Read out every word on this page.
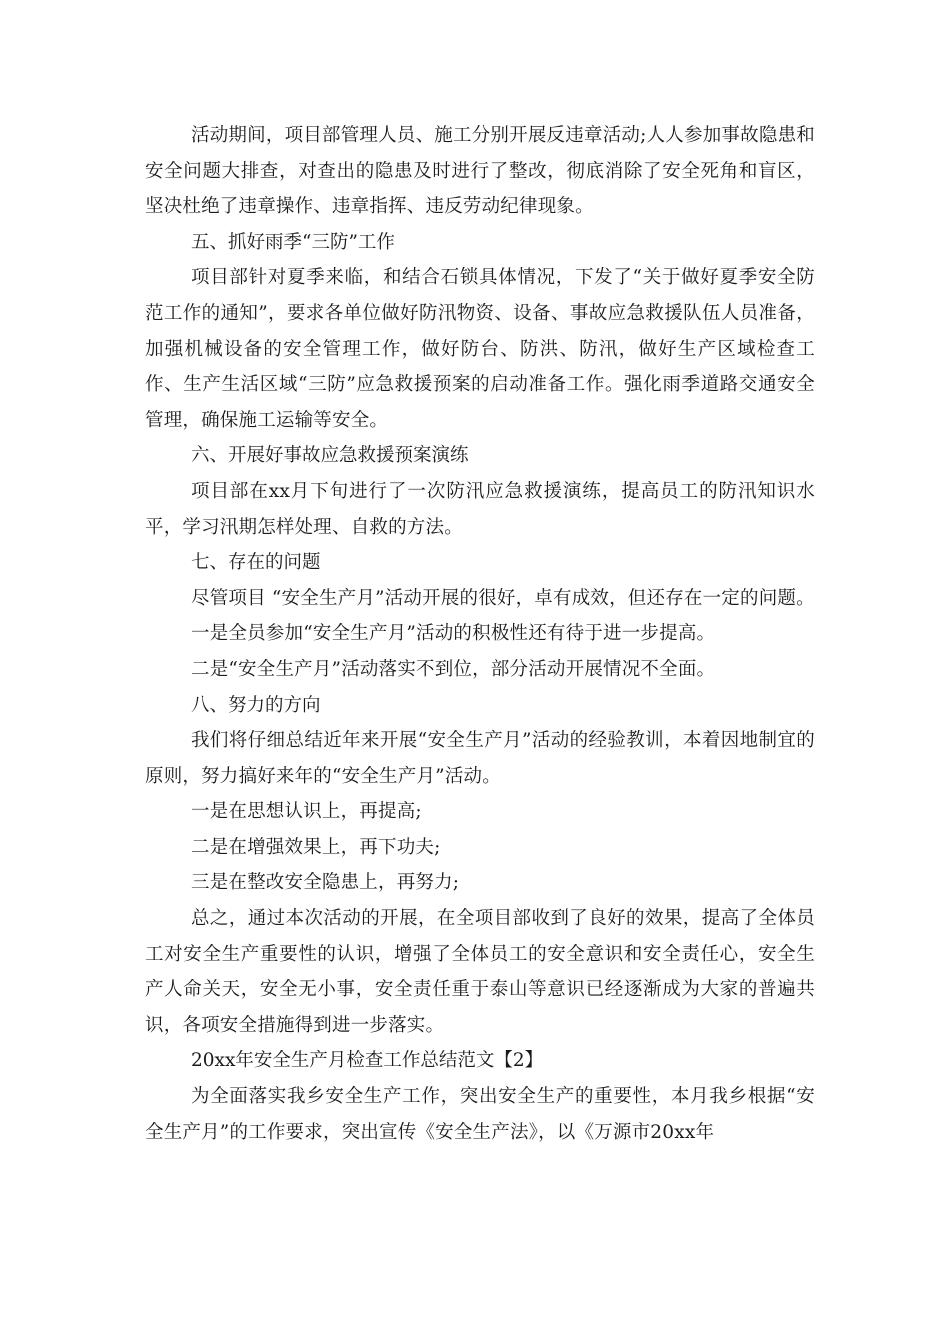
活动期间，项目部管理人员、施工分别开展反违章活动;人人参加事故隐患和安全问题大排查，对查出的隐患及时进行了整改，彻底消除了安全死角和盲区，坚决杜绝了违章操作、违章指挥、违反劳动纪律现象。

五、抓好雨季“三防”工作

项目部针对夏季来临，和结合石锁具体情况，下发了“关于做好夏季安全防范工作的通知”，要求各单位做好防汛物资、设备、事故应急救援队伍人员准备，加强机械设备的安全管理工作，做好防台、防洪、防汛，做好生产区域检查工作、生产生活区域“三防”应急救援预案的启动准备工作。强化雨季道路交通安全管理，确保施工运输等安全。

六、开展好事故应急救援预案演练

项目部在xx月下旬进行了一次防汛应急救援演练，提高员工的防汛知识水平，学习汛期怎样处理、自救的方法。

七、存在的问题

尽管项目 “安全生产月”活动开展的很好，卓有成效，但还存在一定的问题。

一是全员参加“安全生产月”活动的积极性还有待于进一步提高。

二是“安全生产月”活动落实不到位，部分活动开展情况不全面。

八、努力的方向

我们将仔细总结近年来开展“安全生产月”活动的经验教训，本着因地制宜的原则，努力搞好来年的“安全生产月”活动。

一是在思想认识上，再提高;

二是在增强效果上，再下功夫;

三是在整改安全隐患上，再努力;

总之，通过本次活动的开展，在全项目部收到了良好的效果，提高了全体员工对安全生产重要性的认识，增强了全体员工的安全意识和安全责任心，安全生产人命关天，安全无小事，安全责任重于泰山等意识已经逐渐成为大家的普遍共识，各项安全措施得到进一步落实。

20xx年安全生产月检查工作总结范文【2】

为全面落实我乡安全生产工作，突出安全生产的重要性，本月我乡根据“安全生产月”的工作要求，突出宣传《安全生产法》，以《万源市20xx年
